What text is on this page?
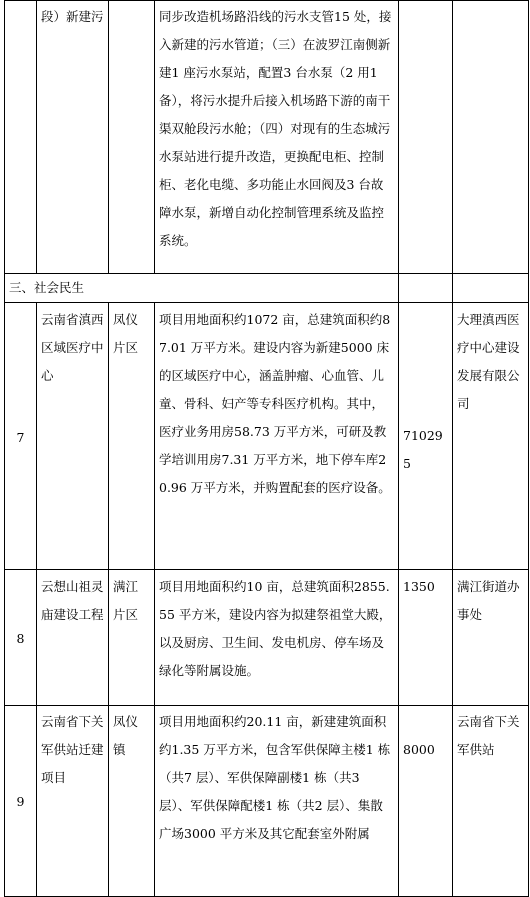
	段）新建污		同步改造机场路沿线的污水支管15 处，接入新建的污水管道；（三）在波罗江南侧新建1 座污水泵站，配置3 台水泵（2 用1 备），将污水提升后接入机场路下游的南干渠双舱段污水舱；（四）对现有的生态城污水泵站进行提升改造，更换配电柜、控制柜、老化电缆、多功能止水回阀及3 台故障水泵，新增自动化控制管理系统及监控系统。		

三、社会民生					
7	云南省滇西区域医疗中心	凤仪片区	项目用地面积约1072 亩，总建筑面积约87.01 万平方米。建设内容为新建5000 床的区域医疗中心，涵盖肿瘤、心血管、儿童、骨科、妇产等专科医疗机构。其中，医疗业务用房58.73 万平方米，可研及教学培训用房7.31 万平方米，地下停车库20.96 万平方米，并购置配套的医疗设备。	710295	大理滇西医疗中心建设发展有限公司
8	云想山祖灵庙建设工程	满江片区	项目用地面积约10 亩，总建筑面积2855.55 平方米，建设内容为拟建祭祖堂大殿，以及厨房、卫生间、发电机房、停车场及绿化等附属设施。	1350	满江街道办事处
9	云南省下关军供站迁建项目	凤仪镇	项目用地面积约20.11 亩，新建建筑面积约1.35 万平方米，包含军供保障主楼1 栋（共7 层）、军供保障副楼1 栋（共3 层）、军供保障配楼1 栋（共2 层）、集散广场3000 平方米及其它配套室外附属	8000	云南省下关军供站
